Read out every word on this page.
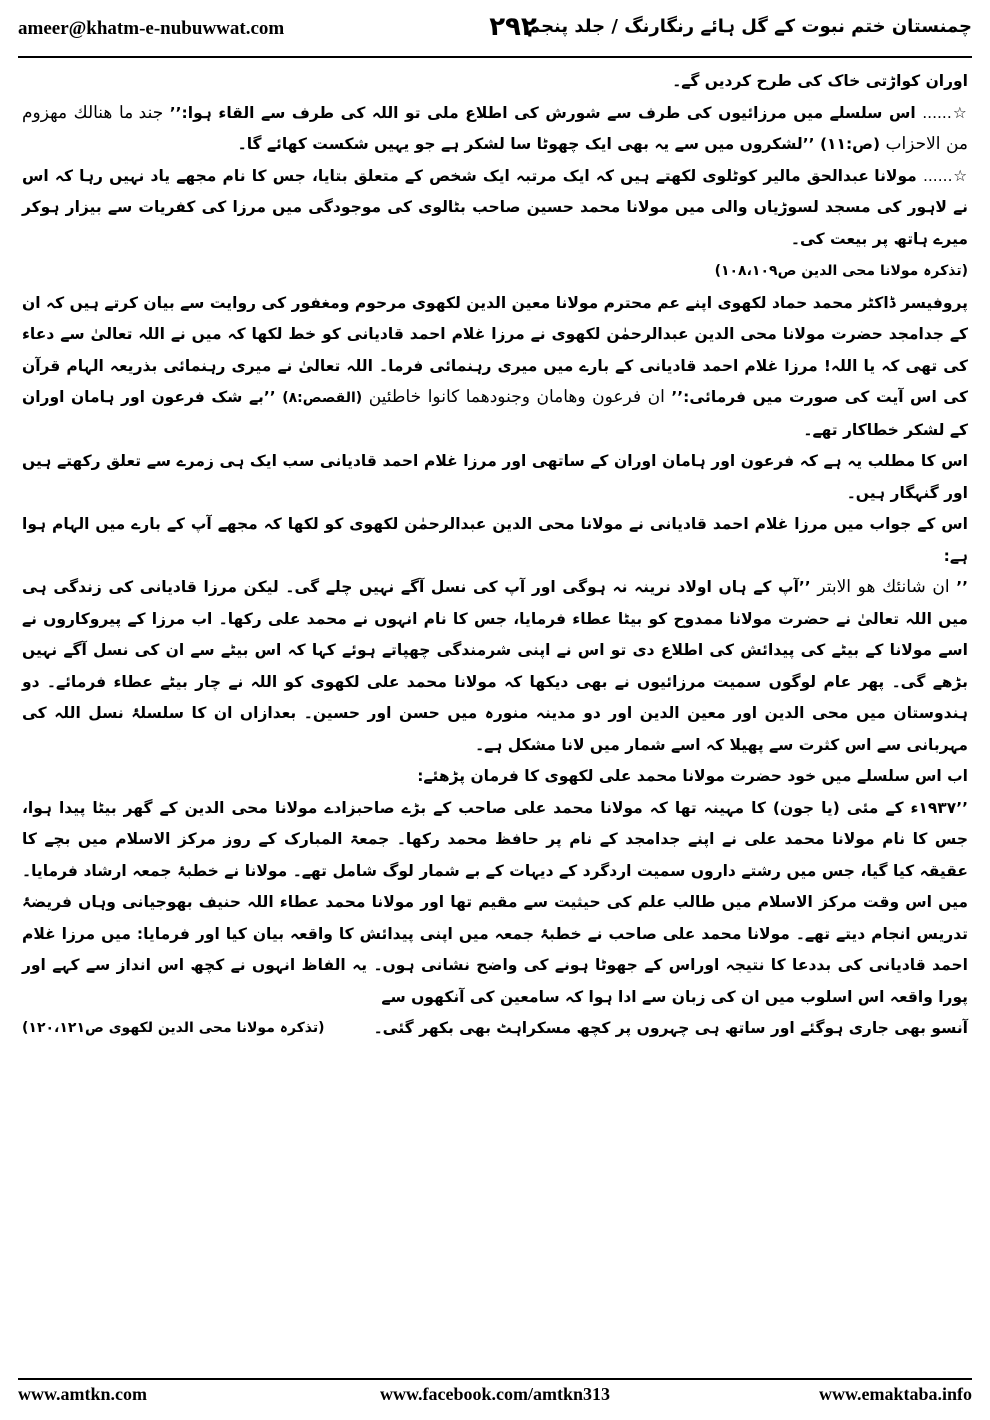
ameer@khatm-e-nubuwwat.com	۲۹۲
چمنستان ختم نبوت کے گل ہائے رنگارنگ / جلد پنجم

اوران کواڑتی خاک کی طرح کردیں گے۔

☆...... اس سلسلے میں مرزائیوں کی طرف سے شورش کی اطلاع ملی تو اللہ کی طرف سے القاء ہوا:’’ جند ما هنالك مهزوم من الاحزاب (ص:۱۱) ’’لشکروں میں سے یہ بھی ایک چھوٹا سا لشکر ہے جو یہیں شکست کھائے گا۔

☆...... مولانا عبدالحق مالیر کوٹلوی لکھتے ہیں کہ ایک مرتبہ ایک شخص کے متعلق بتایا، جس کا نام مجھے یاد نہیں رہا کہ اس نے لاہور کی مسجد لسوڑیاں والی میں مولانا محمد حسین صاحب بٹالوی کی موجودگی میں مرزا کی کفریات سے بیزار ہوکر میرے ہاتھ پر بیعت کی۔

(تذکرہ مولانا محی الدین ص۱۰۸،۱۰۹)

پروفیسر ڈاکٹر محمد حماد لکھوی اپنے عم محترم مولانا معین الدین لکھوی مرحوم ومغفور کی روایت سے بیان کرتے ہیں کہ ان کے جدامجد حضرت مولانا محی الدین عبدالرحمٰن لکھوی نے مرزا غلام احمد قادیانی کو خط لکھا کہ میں نے اللہ تعالیٰ سے دعاء کی تھی کہ یا اللہ! مرزا غلام احمد قادیانی کے بارے میں میری رہنمائی فرما۔ اللہ تعالیٰ نے میری رہنمائی بذریعہ الہام قرآن کی اس آیت کی صورت میں فرمائی:’’ ان فرعون وهامان وجنودهما كانوا خاطئين (القصص:۸) ’’بے شک فرعون اور ہامان اوران کے لشکر خطاکار تھے۔

اس کا مطلب یہ ہے کہ فرعون اور ہامان اوران کے ساتھی اور مرزا غلام احمد قادیانی سب ایک ہی زمرے سے تعلق رکھتے ہیں اور گنہگار ہیں۔

اس کے جواب میں مرزا غلام احمد قادیانی نے مولانا محی الدین عبدالرحمٰن لکھوی کو لکھا کہ مجھے آپ کے بارے میں الہام ہوا ہے:

’’ ان شانئك هو الابتر ’’آپ کے ہاں اولاد نرینہ نہ ہوگی اور آپ کی نسل آگے نہیں چلے گی۔ لیکن مرزا قادیانی کی زندگی ہی میں اللہ تعالیٰ نے حضرت مولانا ممدوح کو بیٹا عطاء فرمایا، جس کا نام انہوں نے محمد علی رکھا۔ اب مرزا کے پیروکاروں نے اسے مولانا کے بیٹے کی پیدائش کی اطلاع دی تو اس نے اپنی شرمندگی چھپاتے ہوئے کہا کہ اس بیٹے سے ان کی نسل آگے نہیں بڑھے گی۔ پھر عام لوگوں سمیت مرزائیوں نے بھی دیکھا کہ مولانا محمد علی لکھوی کو اللہ نے چار بیٹے عطاء فرمائے۔ دو ہندوستان میں محی الدین اور معین الدین اور دو مدینہ منورہ میں حسن اور حسین۔ بعدازاں ان کا سلسلۂ نسل اللہ کی مہربانی سے اس کثرت سے پھیلا کہ اسے شمار میں لانا مشکل ہے۔

اب اس سلسلے میں خود حضرت مولانا محمد علی لکھوی کا فرمان پڑھئے:

’’۱۹۳۷ء کے مئی (یا جون) کا مہینہ تھا کہ مولانا محمد علی صاحب کے بڑے صاحبزادے مولانا محی الدین کے گھر بیٹا پیدا ہوا، جس کا نام مولانا محمد علی نے اپنے جدامجد کے نام پر حافظ محمد رکھا۔ جمعۃ المبارک کے روز مرکز الاسلام میں بچے کا عقیقہ کیا گیا، جس میں رشتے داروں سمیت اردگرد کے دیہات کے بے شمار لوگ شامل تھے۔ مولانا نے خطبۂ جمعہ ارشاد فرمایا۔ میں اس وقت مرکز الاسلام میں طالب علم کی حیثیت سے مقیم تھا اور مولانا محمد عطاء اللہ حنیف بھوجیانی وہاں فریضۂ تدریس انجام دیتے تھے۔ مولانا محمد علی صاحب نے خطبۂ جمعہ میں اپنی پیدائش کا واقعہ بیان کیا اور فرمایا: میں مرزا غلام احمد قادیانی کی بددعا کا نتیجہ اوراس کے جھوٹا ہونے کی واضح نشانی ہوں۔ یہ الفاظ انہوں نے کچھ اس انداز سے کہے اور پورا واقعہ اس اسلوب میں ان کی زبان سے ادا ہوا کہ سامعین کی آنکھوں سے

آنسو بھی جاری ہوگئے اور ساتھ ہی چہروں پر کچھ مسکراہٹ بھی بکھر گئی۔
(تذکرہ مولانا محی الدین لکھوی ص۱۲۰،۱۲۱)

www.amtkn.com	www.facebook.com/amtkn313	www.emaktaba.info
